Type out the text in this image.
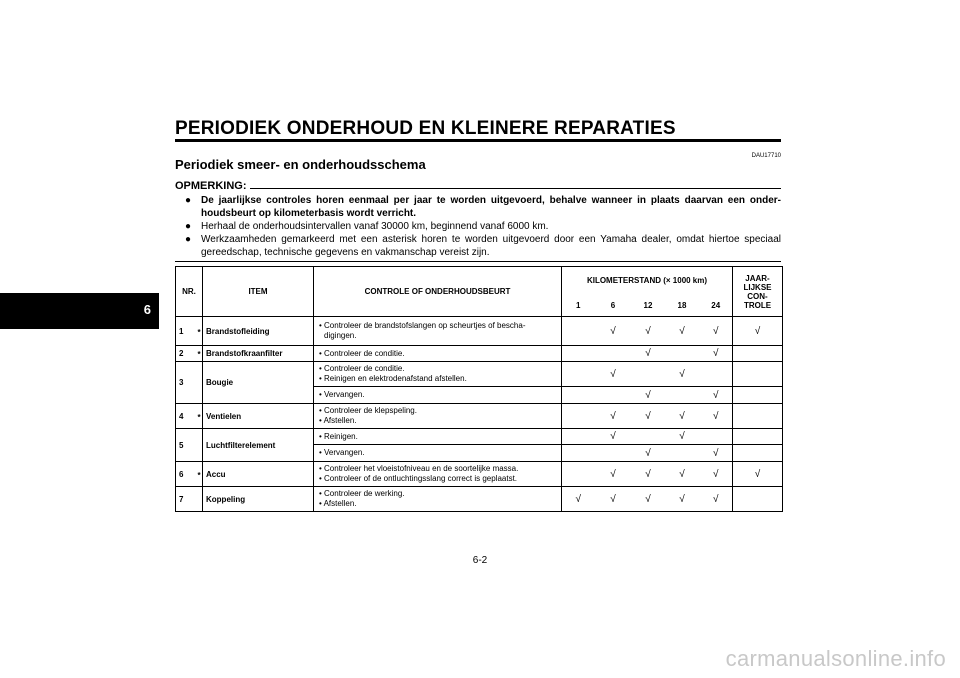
PERIODIEK ONDERHOUD EN KLEINERE REPARATIES
DAU17710
Periodiek smeer- en onderhoudsschema
OPMERKING:
● De jaarlijkse controles horen eenmaal per jaar te worden uitgevoerd, behalve wanneer in plaats daarvan een onderhoudsbeurt op kilometerbasis wordt verricht.
● Herhaal de onderhoudsintervallen vanaf 30000 km, beginnend vanaf 6000 km.
● Werkzaamheden gemarkeerd met een asterisk horen te worden uitgevoerd door een Yamaha dealer, omdat hiertoe speciaal gereedschap, technische gegevens en vakmanschap vereist zijn.
6
NR.		ITEM	CONTROLE OF ONDERHOUDSBEURT	KILOMETERSTAND (× 1000 km)					JAAR-
LIJKSE
CON-
TROLE
				1	6	12	18	24	
1	*	Brandstofleiding	• Controleer de brandstofslangen op scheurtjes of bescha- digingen.		√	√	√	√	√
2	*	Brandstofkraanfilter	• Controleer de conditie.			√		√	
3		Bougie	• Controleer de conditie.
• Reinigen en elektrodenafstand afstellen.		√		√		

			• Vervangen.			√		√	
4	*	Ventielen	• Controleer de klepspeling.
• Afstellen.		√	√	√	√	
5		Luchtfilterelement	• Reinigen.		√		√		

			• Vervangen.			√		√	
6	*	Accu	• Controleer het vloeistofniveau en de soortelijke massa.
• Controleer of de ontluchtingsslang correct is geplaatst.		√	√	√	√	√
7		Koppeling	• Controleer de werking.
• Afstellen.	√	√	√	√	√	
6-2
carmanualsonline.info
